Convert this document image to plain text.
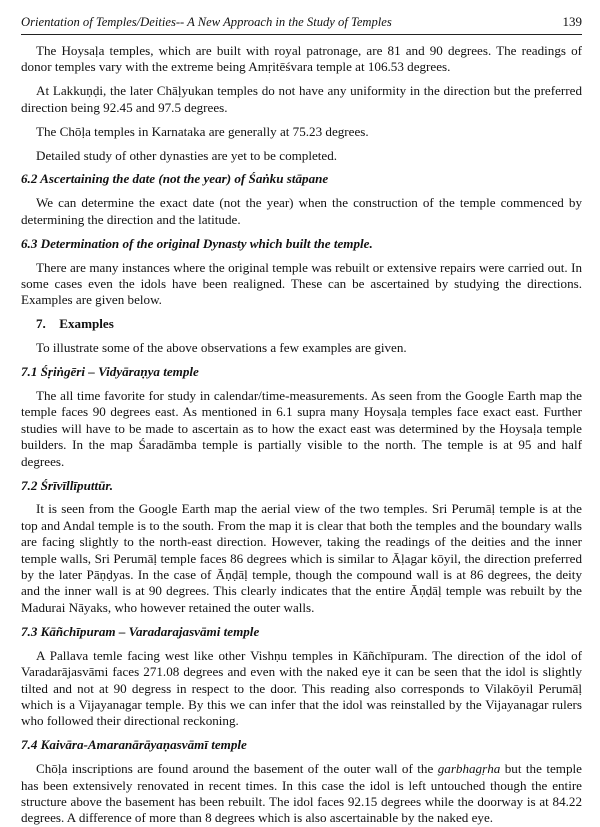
Orientation of Temples/Deities-- A New Approach in the Study of Temples	139

The Hoysaḷa temples, which are built with royal patronage, are 81 and 90 degrees. The readings of donor temples vary with the extreme being Amṛitēśvara temple at 106.53 degrees.

At Lakkuṇḍi, the later Chāḷyukan temples do not have any uniformity in the direction but the preferred direction being 92.45 and 97.5 degrees.

The Chōḷa temples in Karnataka are generally at 75.23 degrees.

Detailed study of other dynasties are yet to be completed.

6.2 Ascertaining the date (not the year) of Śaṅku stāpane

We can determine the exact date (not the year) when the construction of the temple commenced by determining the direction and the latitude.

6.3 Determination of the original Dynasty which built the temple.

There are many instances where the original temple was rebuilt or extensive repairs were carried out. In some cases even the idols have been realigned. These can be ascertained by studying the directions. Examples are given below.

7. Examples

To illustrate some of the above observations a few examples are given.

7.1 Śṛiṅgēri – Vidyāraṇya temple

The all time favorite for study in calendar/time-measurements. As seen from the Google Earth map the temple faces 90 degrees east. As mentioned in 6.1 supra many Hoysaḷa temples face exact east. Further studies will have to be made to ascertain as to how the exact east was determined by the Hoysaḷa temple builders. In the map Śaradāmba temple is partially visible to the north. The temple is at 95 and half degrees.

7.2 Śrīvīllīputtūr.

It is seen from the Google Earth map the aerial view of the two temples. Sri Perumāḷ temple is at the top and Andal temple is to the south. From the map it is clear that both the temples and the boundary walls are facing slightly to the north-east direction. However, taking the readings of the deities and the inner temple walls, Sri Perumāḷ temple faces 86 degrees which is similar to Āḷagar kōyil, the direction preferred by the later Pāṇḍyas. In the case of Āṇḍāḷ temple, though the compound wall is at 86 degrees, the deity and the inner wall is at 90 degrees. This clearly indicates that the entire Āṇḍāḷ temple was rebuilt by the Madurai Nāyaks, who however retained the outer walls.

7.3 Kāñchīpuram – Varadarajasvāmi temple

A Pallava temle facing west like other Vishṇu temples in Kāñchīpuram. The direction of the idol of Varadarājasvāmi faces 271.08 degrees and even with the naked eye it can be seen that the idol is slightly tilted and not at 90 degress in respect to the door. This reading also corresponds to Vilakōyil Perumāḷ which is a Vijayanagar temple. By this we can infer that the idol was reinstalled by the Vijayanagar rulers who followed their directional reckoning.

7.4 Kaivāra-Amaranārāyaṇasvāmī temple

Chōḷa inscriptions are found around the basement of the outer wall of the garbhagṛha but the temple has been extensively renovated in recent times. In this case the idol is left untouched though the entire structure above the basement has been rebuilt. The idol faces 92.15 degrees while the doorway is at 84.22 degrees. A difference of more than 8 degrees which is also ascertainable by the naked eye.
